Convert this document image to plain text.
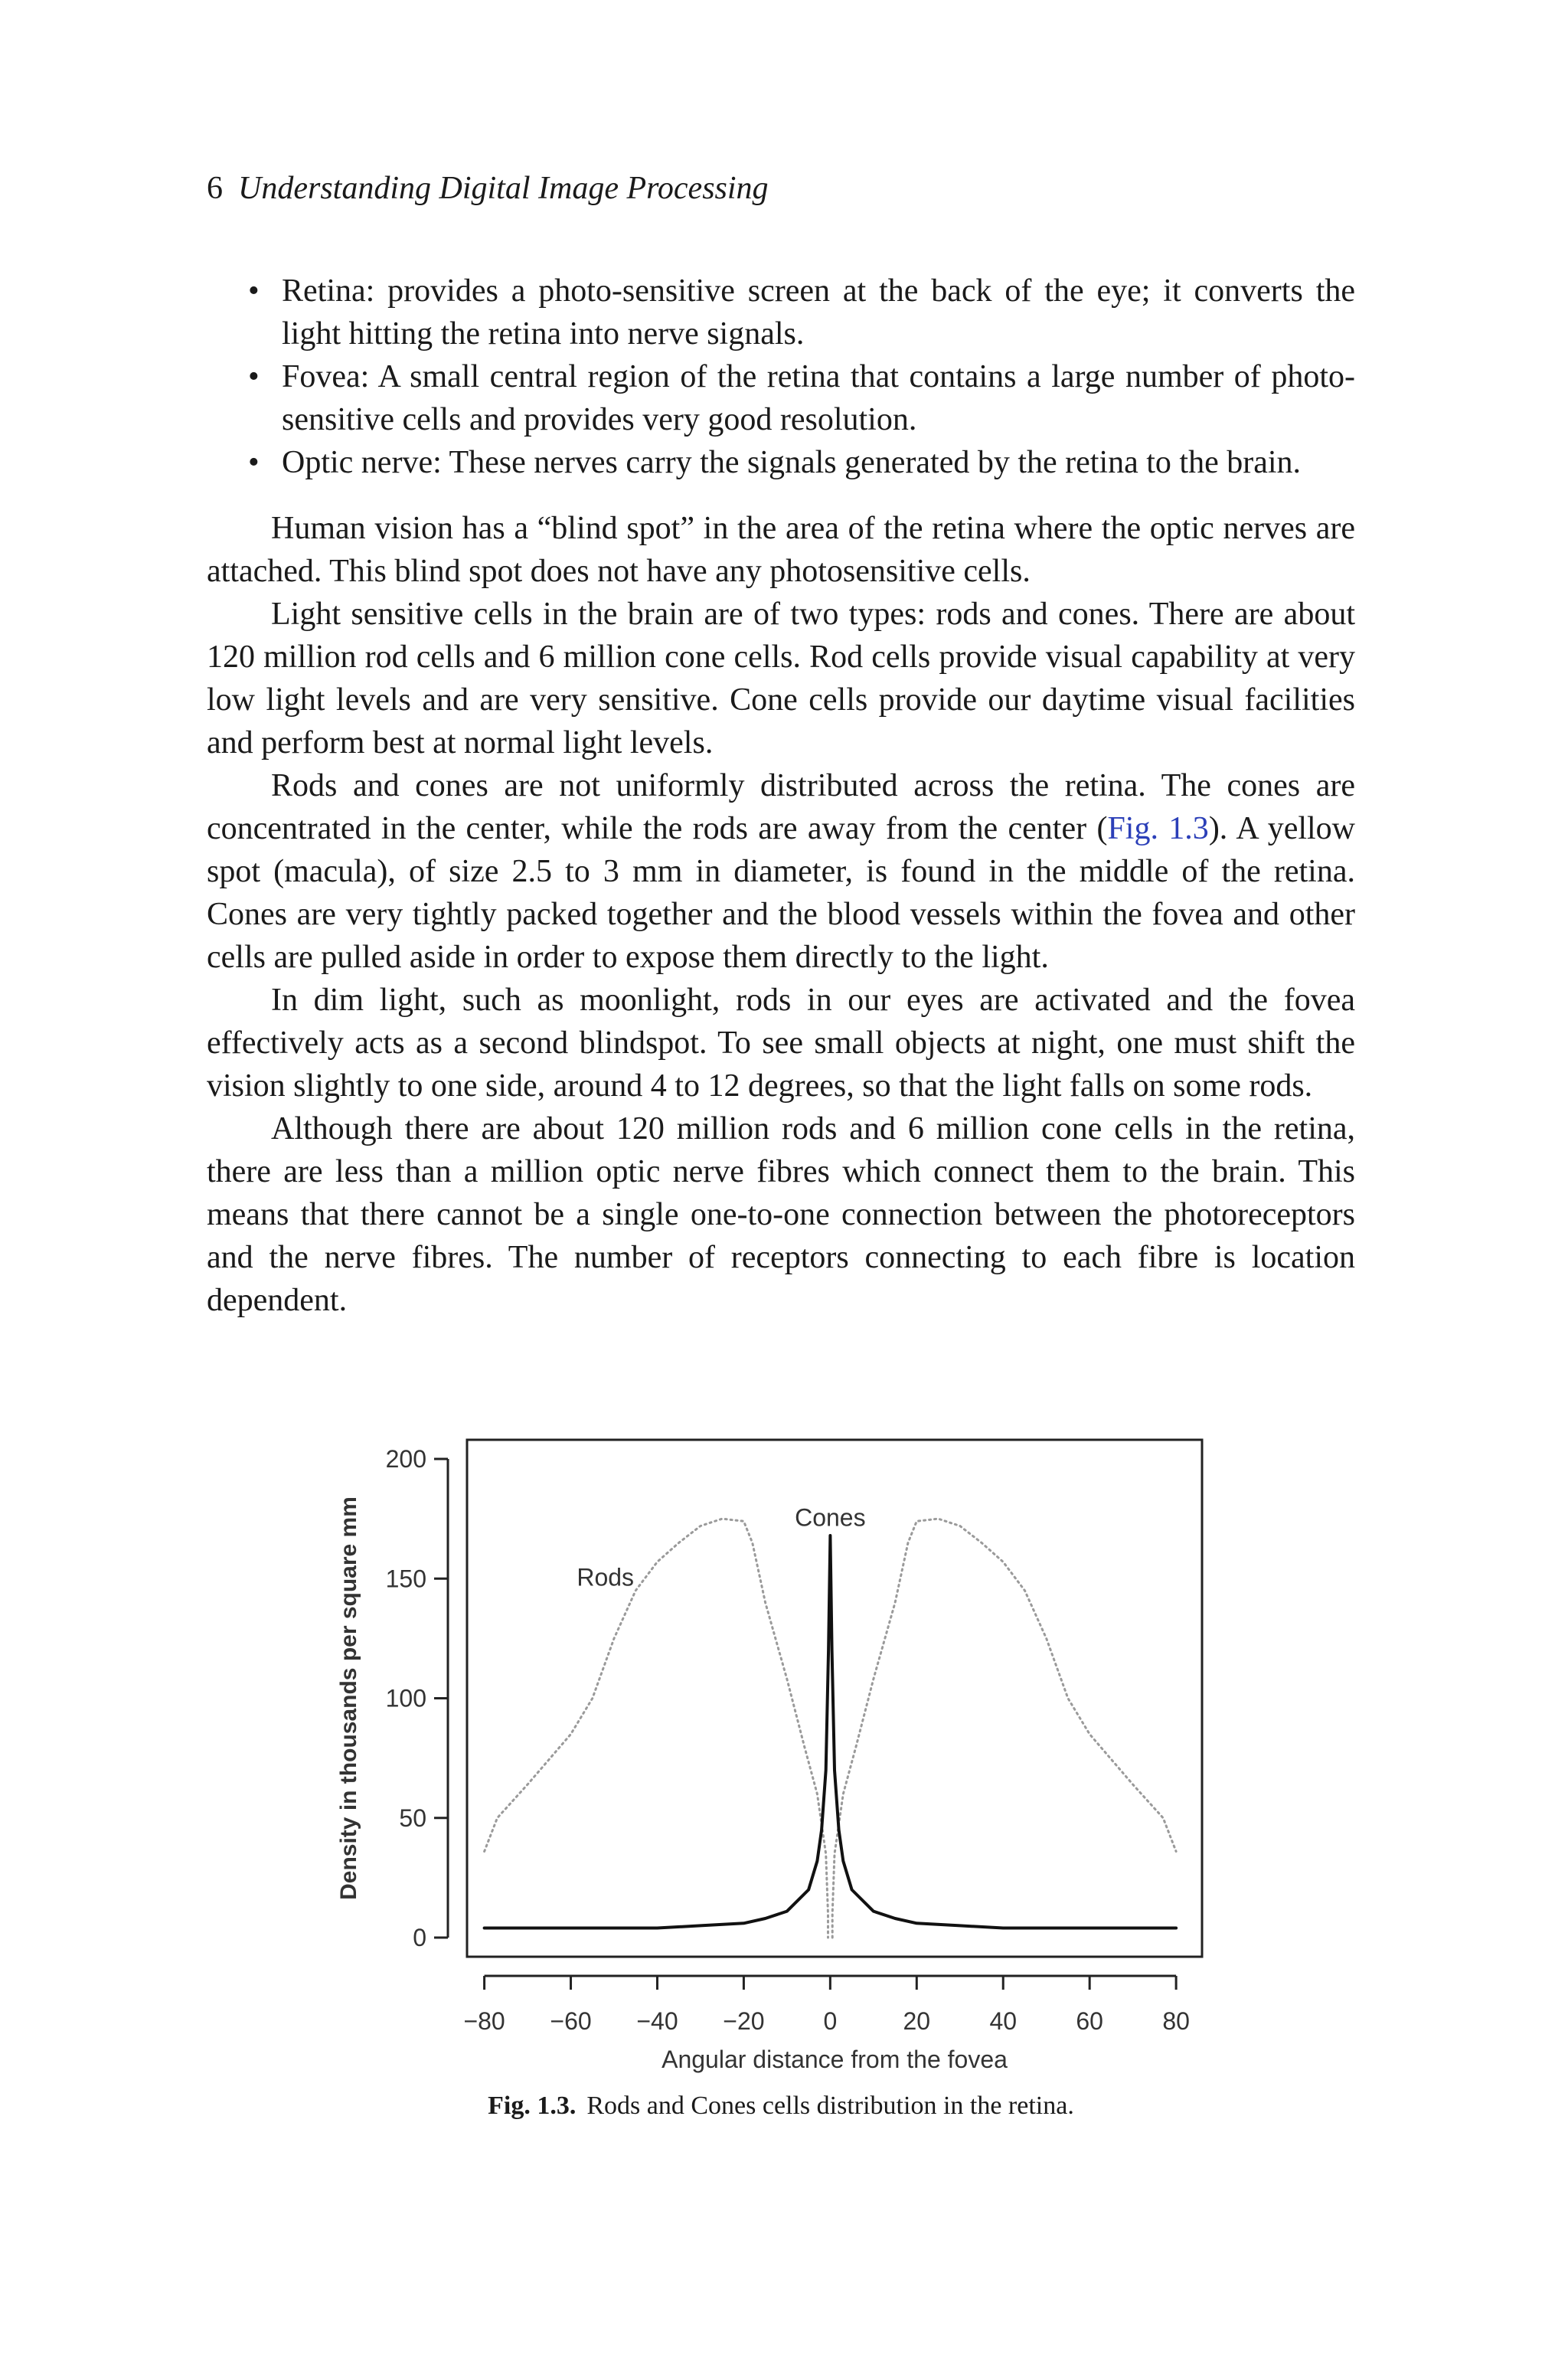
6 Understanding Digital Image Processing
• Retina: provides a photo-sensitive screen at the back of the eye; it converts the light hitting the retina into nerve signals.
• Fovea: A small central region of the retina that contains a large number of photo-sensitive cells and provides very good resolution.
• Optic nerve: These nerves carry the signals generated by the retina to the brain.

Human vision has a “blind spot” in the area of the retina where the optic nerves are attached. This blind spot does not have any photosensitive cells.

Light sensitive cells in the brain are of two types: rods and cones. There are about 120 million rod cells and 6 million cone cells. Rod cells provide visual capability at very low light levels and are very sensitive. Cone cells provide our daytime visual facilities and perform best at normal light levels.

Rods and cones are not uniformly distributed across the retina. The cones are concentrated in the center, while the rods are away from the center (Fig. 1.3). A yellow spot (macula), of size 2.5 to 3 mm in diameter, is found in the middle of the retina. Cones are very tightly packed together and the blood vessels within the fovea and other cells are pulled aside in order to expose them directly to the light.

In dim light, such as moonlight, rods in our eyes are activated and the fovea effectively acts as a second blindspot. To see small objects at night, one must shift the vision slightly to one side, around 4 to 12 degrees, so that the light falls on some rods.

Although there are about 120 million rods and 6 million cone cells in the retina, there are less than a million optic nerve fibres which connect them to the brain. This means that there cannot be a single one-to-one connection between the photoreceptors and the nerve fibres. The number of receptors connecting to each fibre is location dependent.

−80 −60 −40 −20 0	20 40 60 80
0
50
100
150
200
Angular distance from the fovea
Density in thousands per square mm	Rods
Cones
Fig. 1.3. Rods and Cones cells distribution in the retina.
